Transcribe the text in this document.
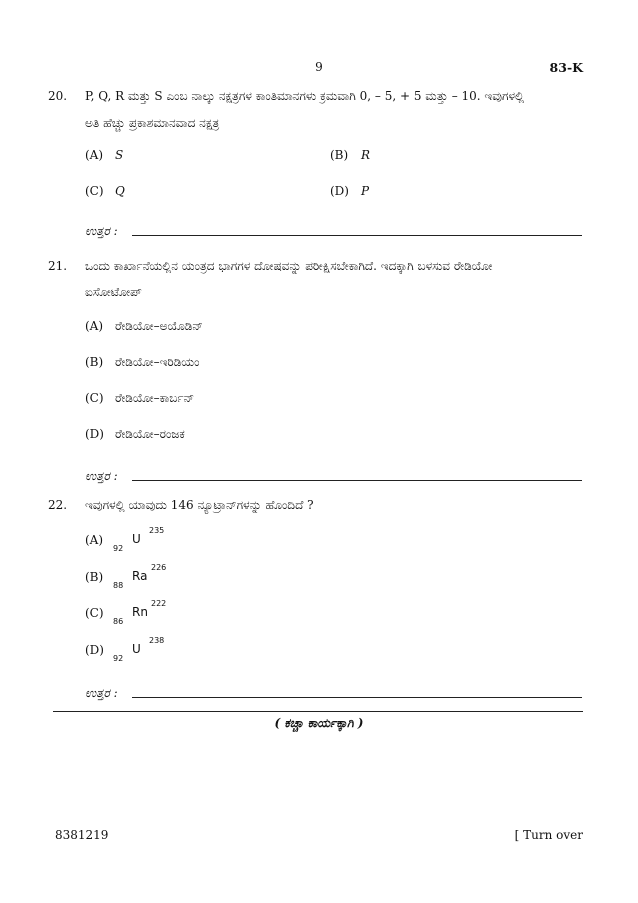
9	83-K
20. P, Q, R ಮತ್ತು S ಎಂಬ ನಾಲ್ಕು ನಕ್ಷತ್ರಗಳ ಕಾಂತಿಮಾನಗಳು ಕ್ರಮವಾಗಿ 0, – 5, + 5 ಮತ್ತು – 10. ಇವುಗಳಲ್ಲಿ
ಅತಿ ಹೆಚ್ಚು ಪ್ರಕಾಶಮಾನವಾದ ನಕ್ಷತ್ರ
(A) S	(B) R
(C) Q	(D) P
ಉತ್ತರ :
21. ಒಂದು ಕಾರ್ಖಾನೆಯಲ್ಲಿನ ಯಂತ್ರದ ಭಾಗಗಳ ದೋಷವನ್ನು ಪರೀಕ್ಷಿಸಬೇಕಾಗಿದೆ. ಇದಕ್ಕಾಗಿ ಬಳಸುವ ರೇಡಿಯೋ
ಐಸೋಟೋಪ್
(A) ರೇಡಿಯೋ–ಅಯೊಡಿನ್
(B) ರೇಡಿಯೋ–ಇರಿಡಿಯಂ
(C) ರೇಡಿಯೋ–ಕಾರ್ಬನ್
(D) ರೇಡಿಯೋ–ರಂಜಕ
ಉತ್ತರ :
22. ಇವುಗಳಲ್ಲಿ ಯಾವುದು 146 ನ್ಯೂಟ್ರಾನ್‌ಗಳನ್ನು ಹೊಂದಿದೆ ?
(A)
92
U
235
(B)
88
Ra
226
(C)
86
Rn
222
(D)
92
U
238
ಉತ್ತರ :
( ಕಚ್ಚಾ ಕಾರ್ಯಕ್ಕಾಗಿ )
8381219	[ Turn over
